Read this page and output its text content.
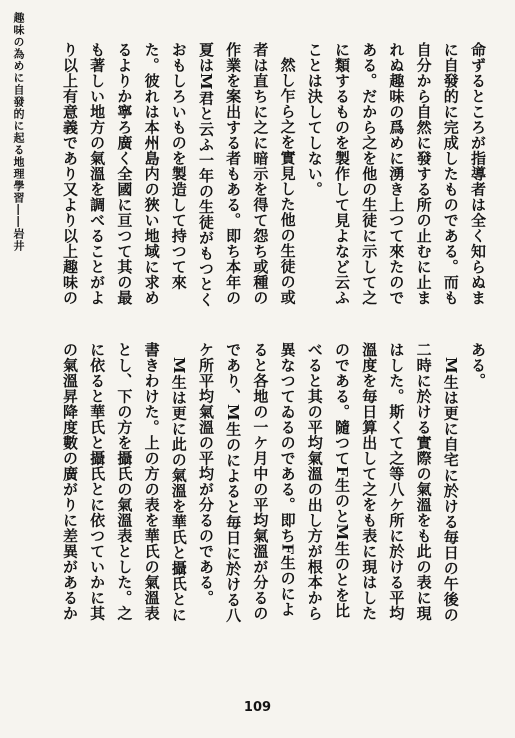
趣味の為めに自發的に起る地理學習――岩井	命ずるところが指導者は全く知らぬまに自發的に完成したものである。而も自分から自然に發する所の止むに止まれぬ趣味の爲めに湧き上つて來たのである。だから之を他の生徒に示して之に類するものを製作して見よなど云ふことは決してしない。

然し乍ら之を實見した他の生徒の或者は直ちに之に暗示を得て怨ち或種の作業を案出する者もある。即ち本年の夏はM君と云ふ一年の生徒がもつとくおもしろいものを製造して持つて來た。彼れは本州島内の狹い地域に求めるよりか寧ろ廣く全國に亘つて其の最も著しい地方の氣溫を調べることがより以上有意義であり又より以上趣味の

ある。

M生は更に自宅に於ける毎日の午後の二時に於ける實際の氣溫をも此の表に現はした。斯くて之等八ケ所に於ける平均溫度を毎日算出して之をも表に現はしたのである。隨つてF生のとM生のとを比べると其の平均氣溫の出し方が根本から異なつてゐるのである。即ちF生のによると各地の一ケ月中の平均氣溫が分るのであり、M生のによると毎日に於ける八ケ所平均氣溫の平均が分るのである。

M生は更に此の氣溫を華氏と攝氏とに書きわけた。上の方の表を華氏の氣溫表とし、下の方を攝氏の氣溫表とした。之に依ると華氏と攝氏とに依つていかに其の氣溫昇降度數の廣がりに差異があるか

109
